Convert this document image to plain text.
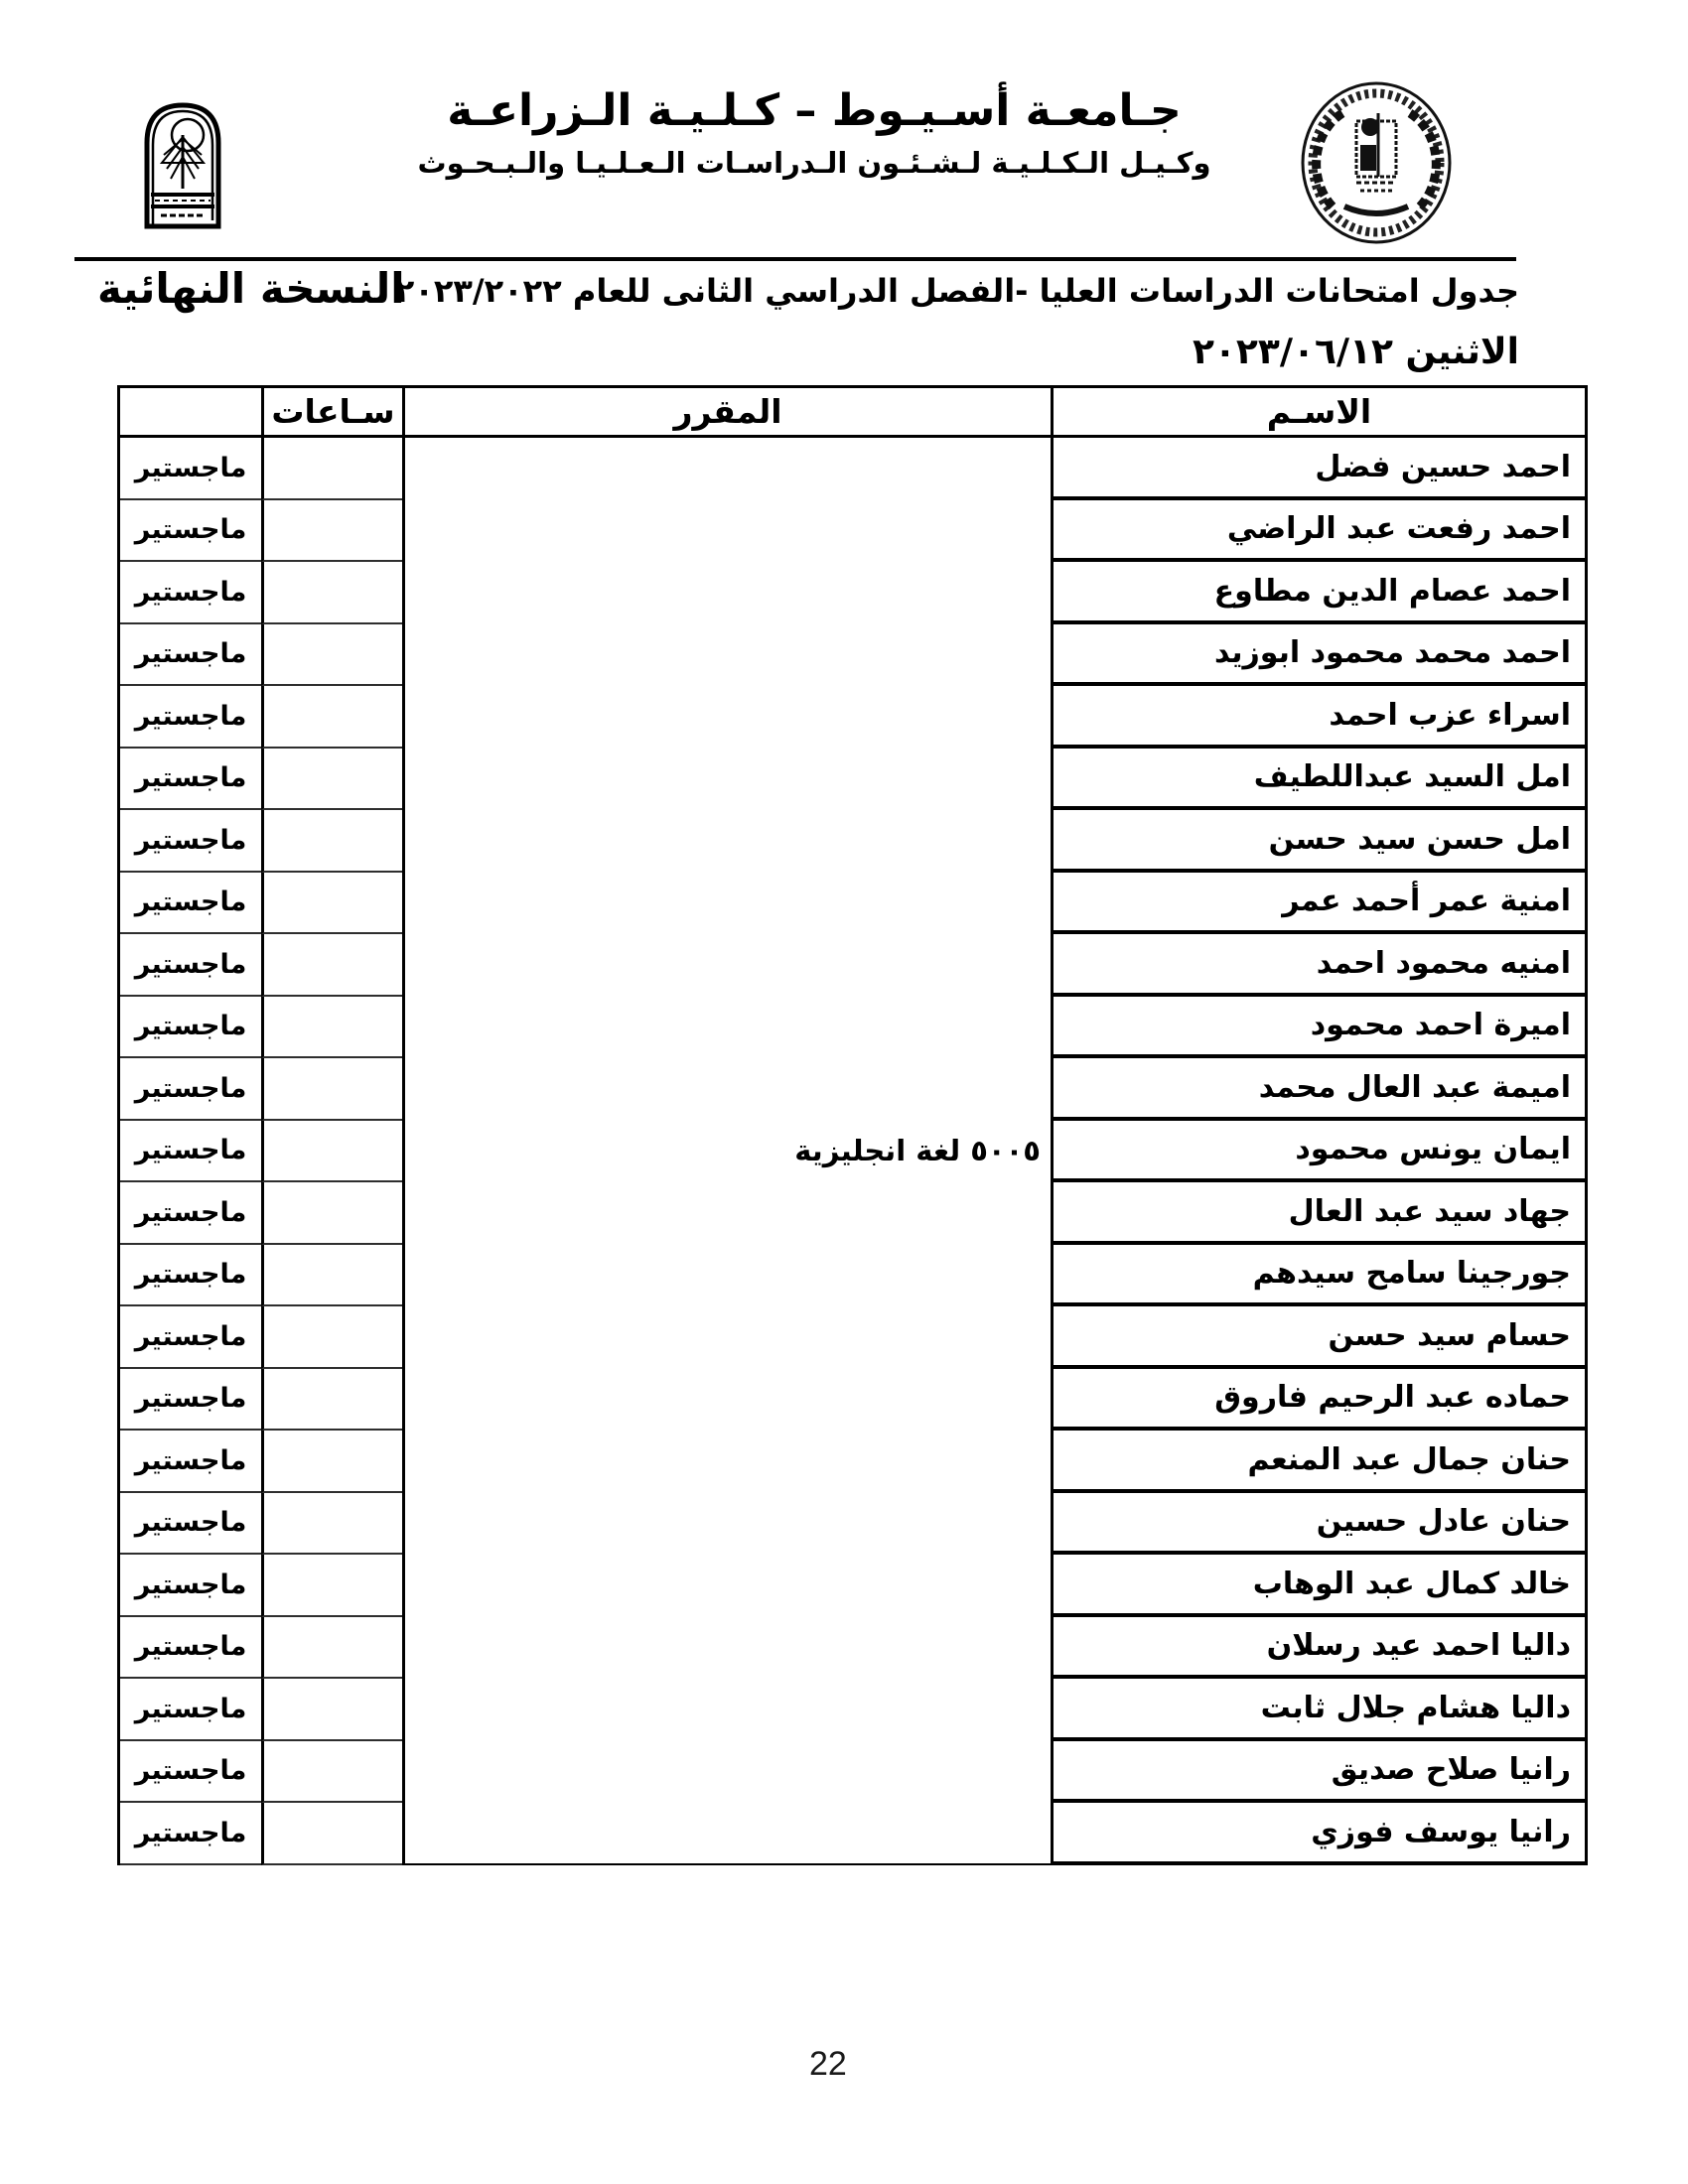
جـامعـة أسـيـوط – كـلـيـة الـزراعـة
وكـيـل الـكـلـيـة لـشـئـون الـدراسـات الـعـلـيـا والـبـحـوث
جدول امتحانات الدراسات العليا -الفصل الدراسي الثانى للعام ٢٠٢٣/٢٠٢٢
النسخة النهائية
الاثنين ٢٠٢٣/٠٦/١٢
الاسـم
المقرر
سـاعات
٥٠٠٥ لغة انجليزية
احمد حسين فضل
ماجستير
احمد رفعت عبد الراضي
ماجستير
احمد عصام الدين مطاوع
ماجستير
احمد محمد محمود ابوزيد
ماجستير
اسراء عزب احمد
ماجستير
امل السيد عبداللطيف
ماجستير
امل حسن سيد حسن
ماجستير
امنية عمر أحمد عمر
ماجستير
امنيه محمود احمد
ماجستير
اميرة احمد محمود
ماجستير
اميمة عبد العال محمد
ماجستير
ايمان يونس محمود
ماجستير
جهاد سيد عبد العال
ماجستير
جورجينا سامح سيدهم
ماجستير
حسام سيد حسن
ماجستير
حماده عبد الرحيم فاروق
ماجستير
حنان جمال عبد المنعم
ماجستير
حنان عادل حسين
ماجستير
خالد كمال عبد الوهاب
ماجستير
داليا احمد عيد رسلان
ماجستير
داليا هشام جلال ثابت
ماجستير
رانيا صلاح صديق
ماجستير
رانيا يوسف فوزي
ماجستير
22
